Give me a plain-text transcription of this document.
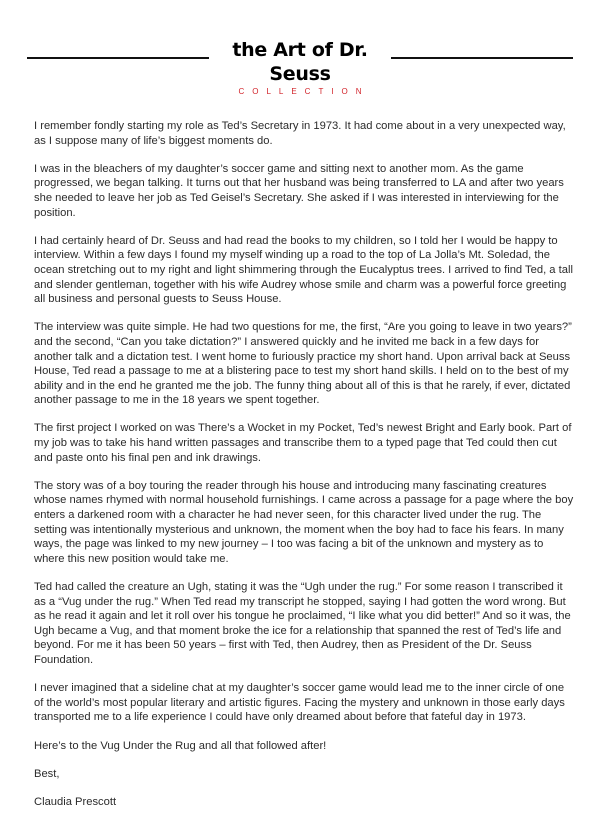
the Art of Dr. Seuss
COLLECTION

I remember fondly starting my role as Ted’s Secretary in 1973. It had come about in a very unexpected way, as I suppose many of life’s biggest moments do.

I was in the bleachers of my daughter’s soccer game and sitting next to another mom. As the game progressed, we began talking. It turns out that her husband was being transferred to LA and after two years she needed to leave her job as Ted Geisel’s Secretary. She asked if I was interested in interviewing for the position.

I had certainly heard of Dr. Seuss and had read the books to my children, so I told her I would be happy to interview. Within a few days I found my myself winding up a road to the top of La Jolla’s Mt. Soledad, the ocean stretching out to my right and light shimmering through the Eucalyptus trees. I arrived to find Ted, a tall and slender gentleman, together with his wife Audrey whose smile and charm was a powerful force greeting all business and personal guests to Seuss House.

The interview was quite simple. He had two questions for me, the first, “Are you going to leave in two years?” and the second, “Can you take dictation?” I answered quickly and he invited me back in a few days for another talk and a dictation test. I went home to furiously practice my short hand. Upon arrival back at Seuss House, Ted read a passage to me at a blistering pace to test my short hand skills. I held on to the best of my ability and in the end he granted me the job. The funny thing about all of this is that he rarely, if ever, dictated another passage to me in the 18 years we spent together.

The first project I worked on was There’s a Wocket in my Pocket, Ted’s newest Bright and Early book. Part of my job was to take his hand written passages and transcribe them to a typed page that Ted could then cut and paste onto his final pen and ink drawings.

The story was of a boy touring the reader through his house and introducing many fascinating creatures whose names rhymed with normal household furnishings. I came across a passage for a page where the boy enters a darkened room with a character he had never seen, for this character lived under the rug. The setting was intentionally mysterious and unknown, the moment when the boy had to face his fears. In many ways, the page was linked to my new journey – I too was facing a bit of the unknown and mystery as to where this new position would take me.

Ted had called the creature an Ugh, stating it was the “Ugh under the rug.” For some reason I transcribed it as a “Vug under the rug.” When Ted read my transcript he stopped, saying I had gotten the word wrong. But as he read it again and let it roll over his tongue he proclaimed, “I like what you did better!” And so it was, the Ugh became a Vug, and that moment broke the ice for a relationship that spanned the rest of Ted’s life and beyond. For me it has been 50 years – first with Ted, then Audrey, then as President of the Dr. Seuss Foundation.

I never imagined that a sideline chat at my daughter’s soccer game would lead me to the inner circle of one of the world’s most popular literary and artistic figures. Facing the mystery and unknown in those early days transported me to a life experience I could have only dreamed about before that fateful day in 1973.

Here’s to the Vug Under the Rug and all that followed after!

Best,

Claudia Prescott
